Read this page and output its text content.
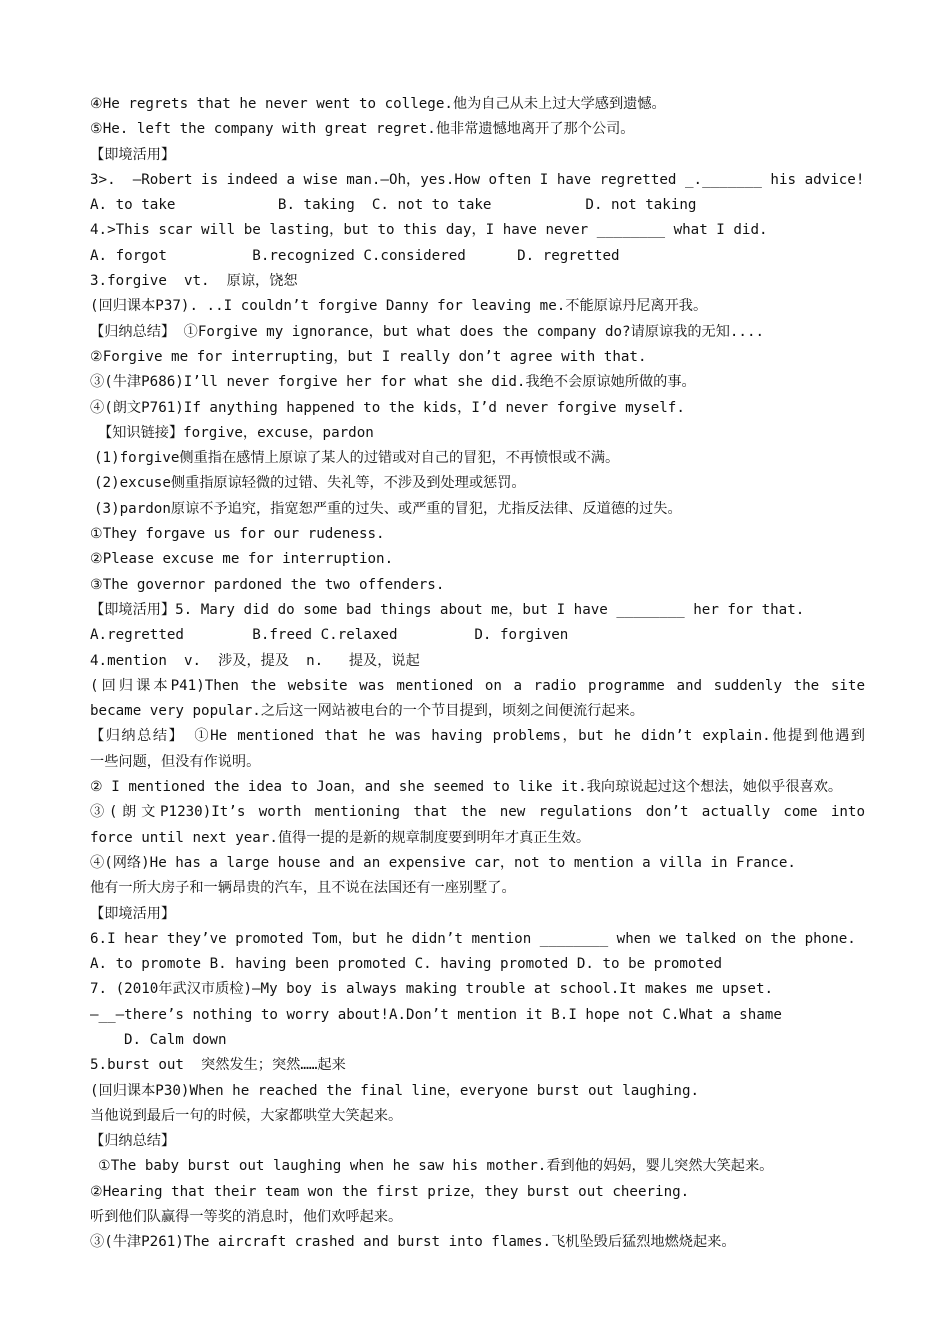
④He regrets that he never went to college.他为自己从未上过大学感到遗憾。
⑤He. left the company with great regret.他非常遗憾地离开了那个公司。
【即境活用】
3>.  —Robert is indeed a wise man.—Oh，yes.How often I have regretted _._______ his advice!
A. to take            B. taking  C. not to take           D. not taking
4.>This scar will be lasting，but to this day，I have never ________ what I did.
A. forgot          B.recognized C.considered      D. regretted
3.forgive  vt.  原谅，饶恕
(回归课本P37). ..I couldn’t forgive Danny for leaving me.不能原谅丹尼离开我。
【归纳总结】 ①Forgive my ignorance，but what does the company do?请原谅我的无知....
②Forgive me for interrupting，but I really don’t agree with that.
③(牛津P686)I’ll never forgive her for what she did.我绝不会原谅她所做的事。
④(朗文P761)If anything happened to the kids，I’d never forgive myself.
【知识链接】forgive，excuse，pardon
(1)forgive侧重指在感情上原谅了某人的过错或对自己的冒犯，不再愤恨或不满。
(2)excuse侧重指原谅轻微的过错、失礼等，不涉及到处理或惩罚。
(3)pardon原谅不予追究，指宽恕严重的过失、或严重的冒犯，尤指反法律、反道德的过失。
①They forgave us for our rudeness.
②Please excuse me for interruption.
③The governor pardoned the two offenders.
【即境活用】5. Mary did do some bad things about me，but I have ________ her for that.
A.regretted        B.freed C.relaxed         D. forgiven
4.mention  v.  涉及，提及  n.   提及，说起
(回归课本P41)Then the website was mentioned on a radio programme and suddenly the site
became very popular.之后这一网站被电台的一个节目提到，顷刻之间便流行起来。
【归纳总结】 ①He mentioned that he was having problems，but he didn’t explain.他提到他遇到
一些问题，但没有作说明。
② I mentioned the idea to Joan，and she seemed to like it.我向琼说起过这个想法，她似乎很喜欢。
③(朗文P1230)It’s worth mentioning that the new regulations don’t actually come into
force until next year.值得一提的是新的规章制度要到明年才真正生效。
④(网络)He has a large house and an expensive car，not to mention a villa in France.
他有一所大房子和一辆昂贵的汽车，且不说在法国还有一座别墅了。
【即境活用】
6.I hear they’ve promoted Tom，but he didn’t mention ________ when we talked on the phone.
A. to promote B. having been promoted C. having promoted D. to be promoted
7. (2010年武汉市质检)—My boy is always making trouble at school.It makes me upset.
—__—there’s nothing to worry about!A.Don’t mention it B.I hope not C.What a shame
D. Calm down
5.burst out  突然发生；突然……起来
(回归课本P30)When he reached the final line，everyone burst out laughing.
当他说到最后一句的时候，大家都哄堂大笑起来。
【归纳总结】
①The baby burst out laughing when he saw his mother.看到他的妈妈，婴儿突然大笑起来。
②Hearing that their team won the first prize，they burst out cheering.
听到他们队赢得一等奖的消息时，他们欢呼起来。
③(牛津P261)The aircraft crashed and burst into flames.飞机坠毁后猛烈地燃烧起来。
